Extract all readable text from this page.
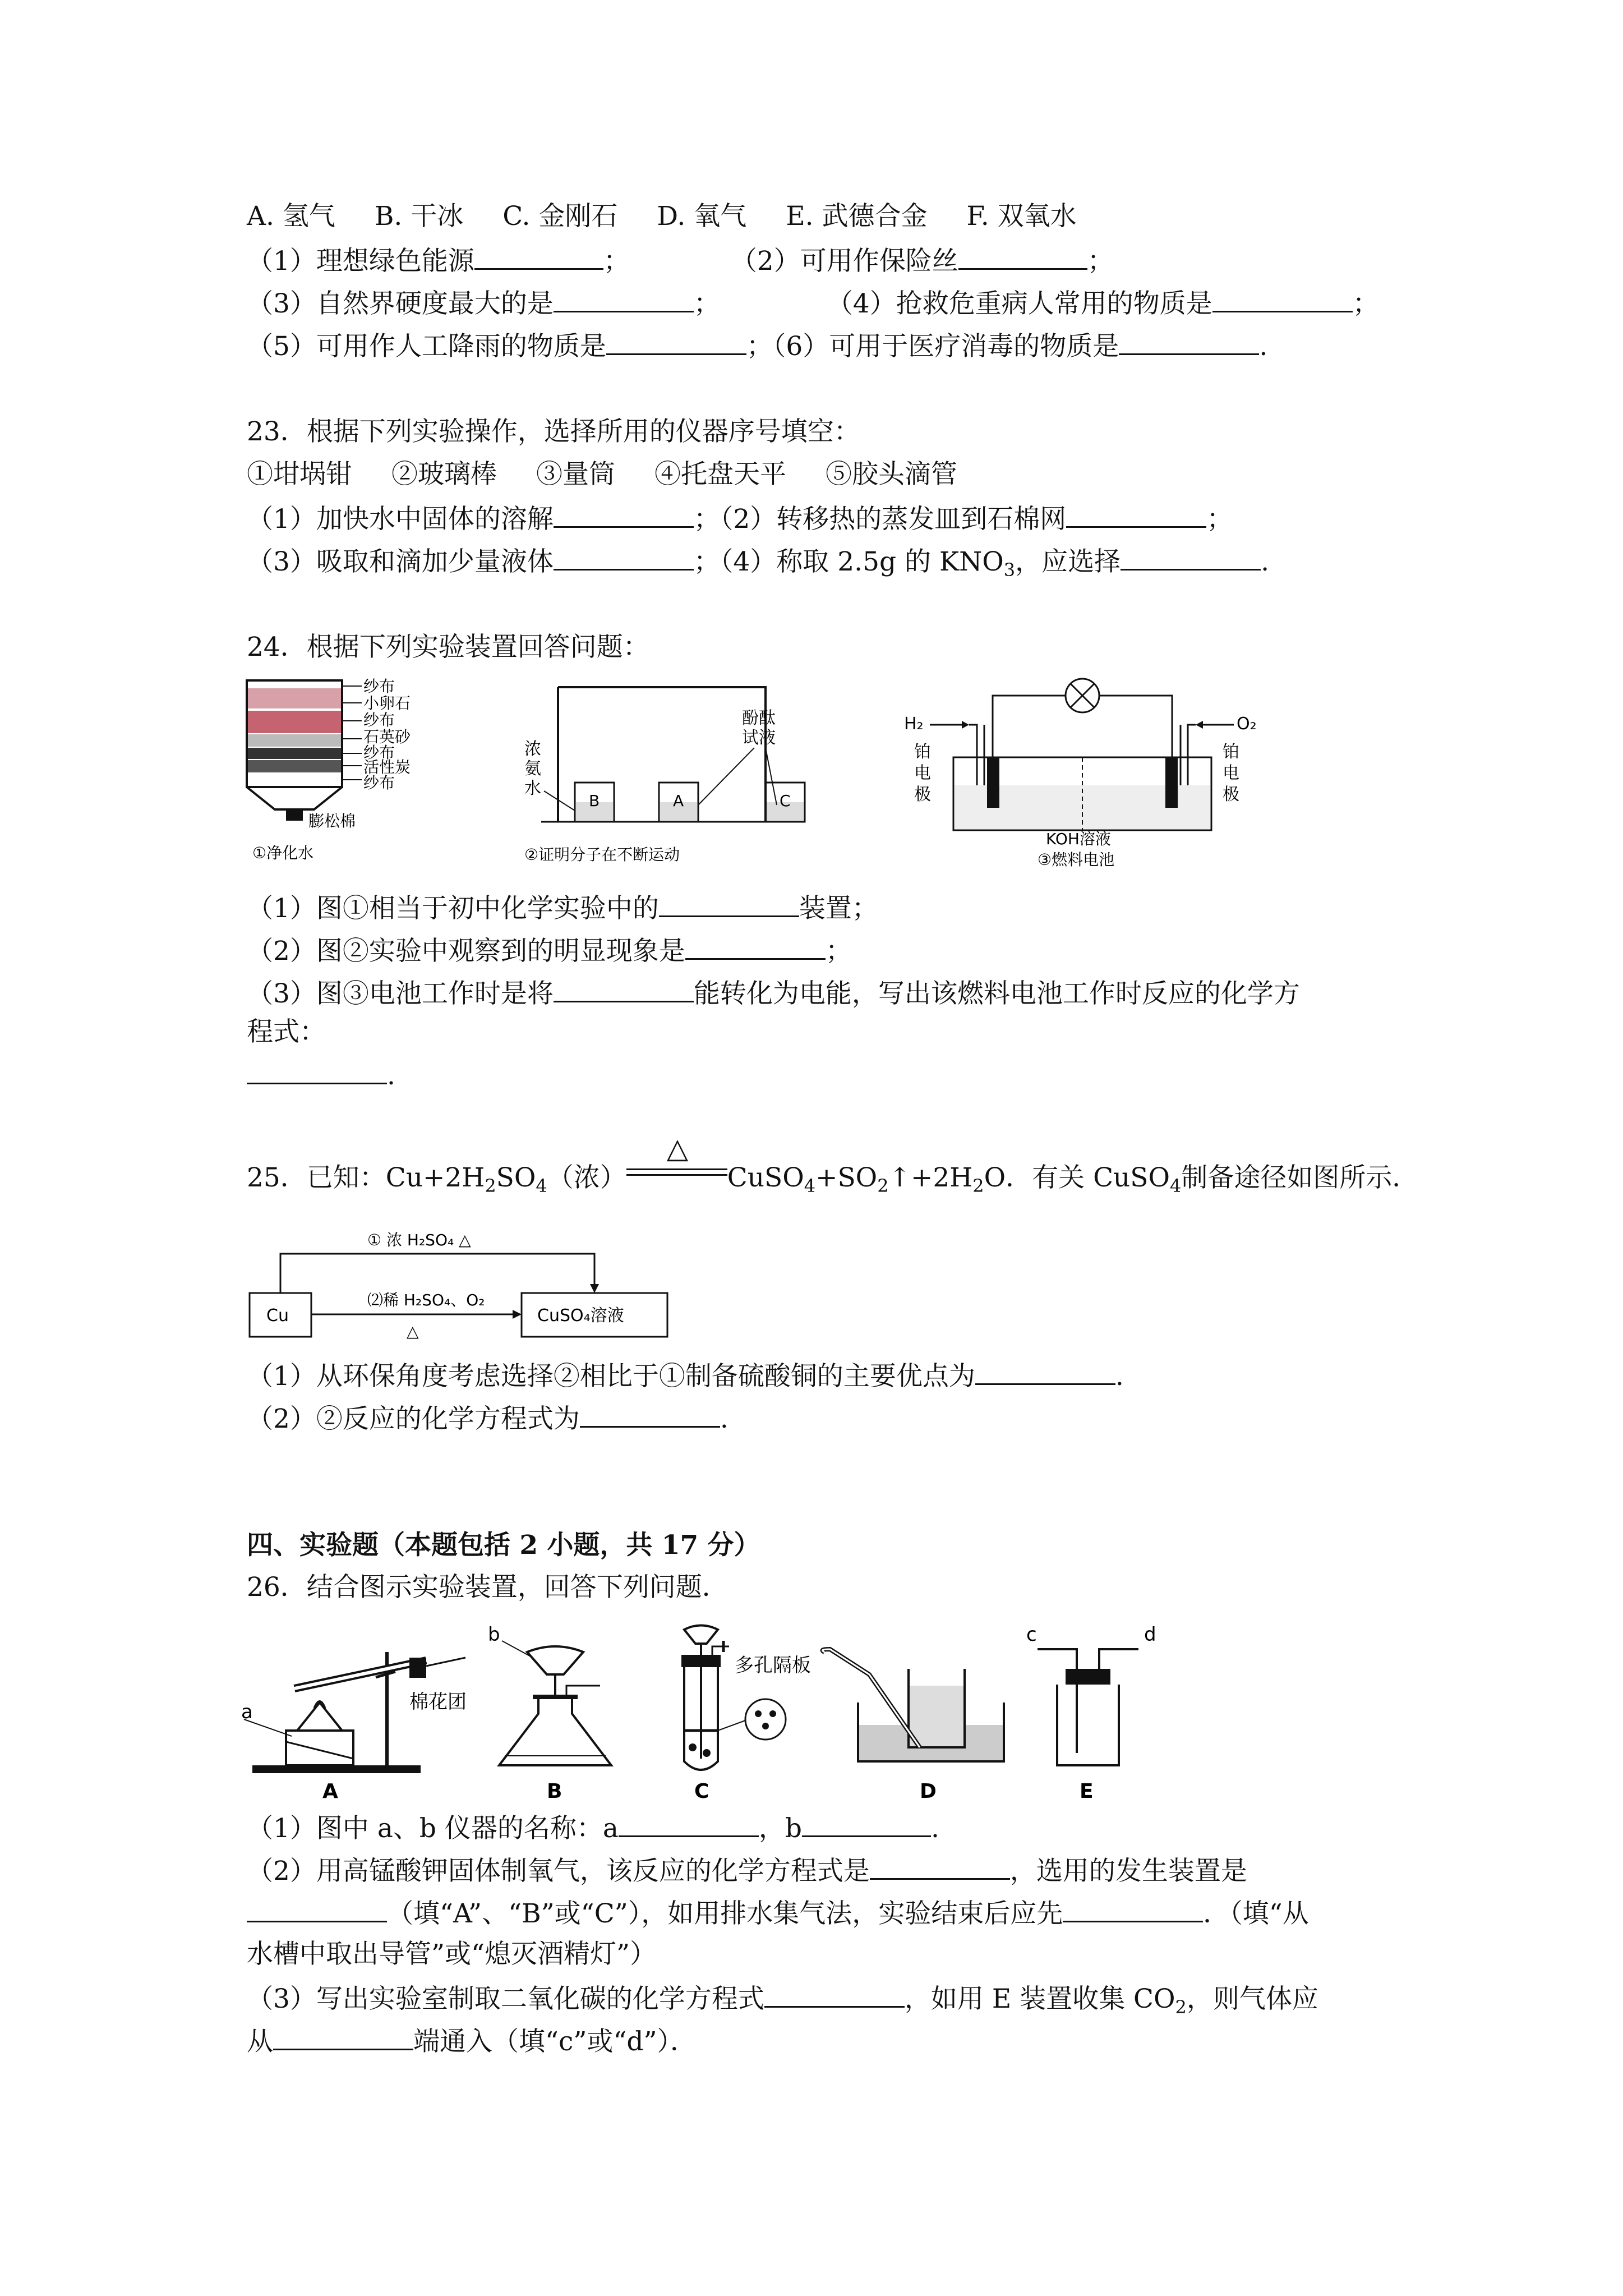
A. 氢气 B. 干冰 C. 金刚石 D. 氧气 E. 武德合金 F. 双氧水
（1）理想绿色能源	；	（2）可用作保险丝	；
（3）自然界硬度最大的是	；	（4）抢救危重病人常用的物质是	；
（5）可用作人工降雨的物质是	；（6）可用于医疗消毒的物质是	.
23．根据下列实验操作，选择所用的仪器序号填空：
①坩埚钳 ②玻璃棒 ③量筒 ④托盘天平 ⑤胶头滴管
（1）加快水中固体的溶解	；（2）转移热的蒸发皿到石棉网	；
（3）吸取和滴加少量液体	；（4）称取 2.5g 的 $KNO_3$，应选择	.
24．根据下列实验装置回答问题：
纱布
小卵石
纱布
石英砂
纱布
活性炭
纱布
膨松棉
①净化水
B	A	C
浓
氨
水
酚酞
试液
②证明分子在不断运动
H₂	O₂
铂
电
极
铂
电
极
KOH溶液
③燃料电池
（1）图①相当于初中化学实验中的	装置；
（2）图②实验中观察到的明显现象是	；
（3）图③电池工作时是将	能转化为电能，写出该燃料电池工作时反应的化学方
程式：
.
25．已知：$Cu+2H_2SO_4$（浓）
△
$CuSO_4+SO_2↑+2H_2O$．有关 CuSO$_4$制备途径如图所示．
Cu	CuSO₄溶液
① 浓 H₂SO₄ △
⑵稀 H₂SO₄、O₂
△
（1）从环保角度考虑选择②相比于①制备硫酸铜的主要优点为	.
（2）②反应的化学方程式为	.
四、实验题（本题包括 2 小题，共 17 分）
26．结合图示实验装置，回答下列问题．
a	棉花团
A
b
B
多孔隔板
C	D
c	d
E
（1）图中 a、b 仪器的名称：a	，b	.
（2）用高锰酸钾固体制氧气，该反应的化学方程式是	，选用的发生装置是
（填“A”、“B”或“C”），如用排水集气法，实验结束后应先	．（填“从
水槽中取出导管”或“熄灭酒精灯”）
（3）写出实验室制取二氧化碳的化学方程式	，如用 E 装置收集 $CO_2$，则气体应
从	端通入（填“c”或“d”）．
